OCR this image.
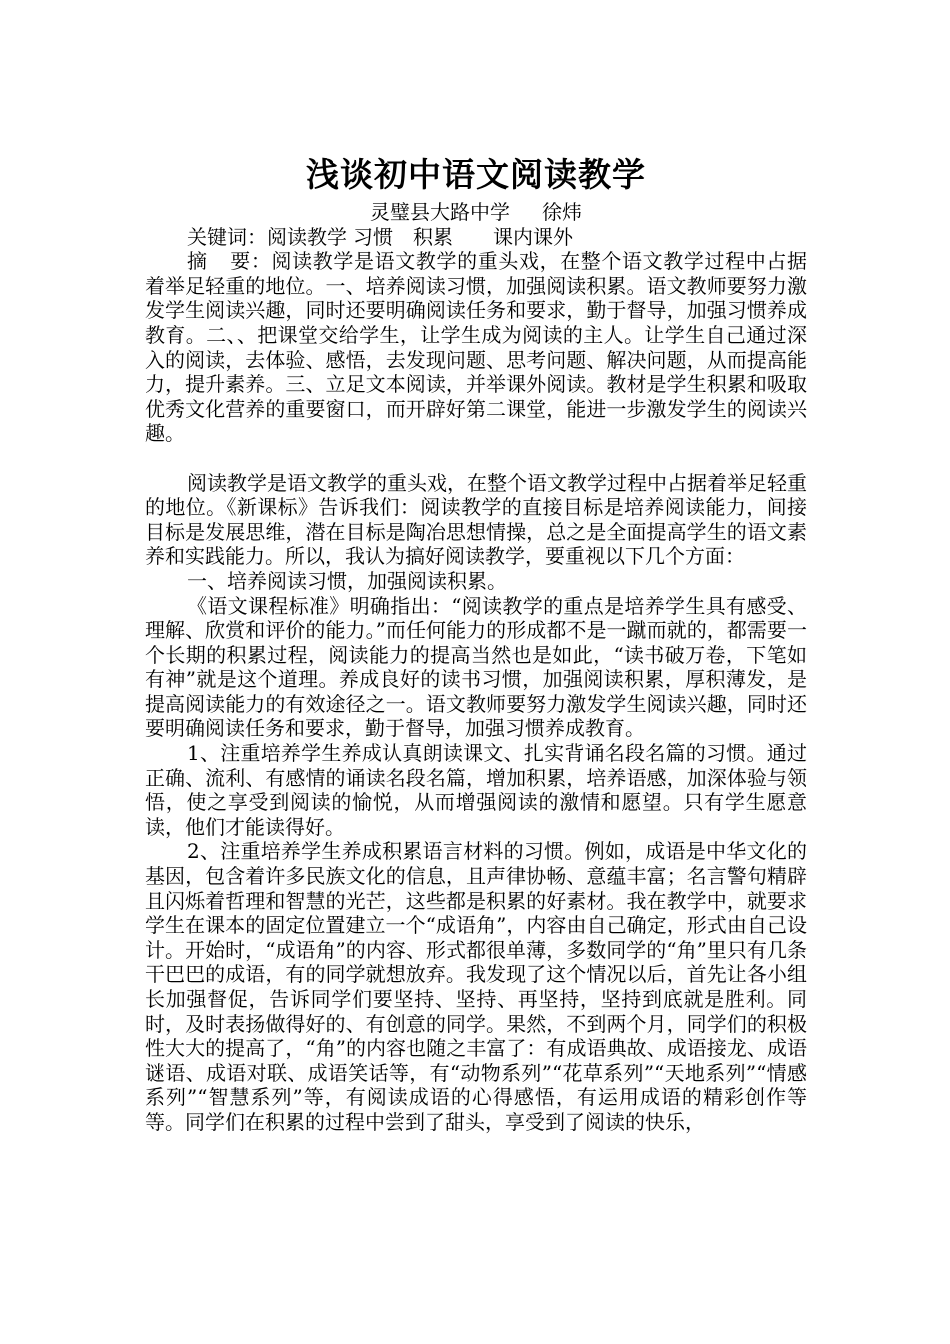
浅谈初中语文阅读教学

灵璧县大路中学 徐炜

关键词：阅读教学 习惯 积累 课内课外

摘 要：阅读教学是语文教学的重头戏，在整个语文教学过程中占据着举足轻重的地位。一、培养阅读习惯，加强阅读积累。语文教师要努力激发学生阅读兴趣，同时还要明确阅读任务和要求，勤于督导，加强习惯养成教育。二、、把课堂交给学生，让学生成为阅读的主人。让学生自己通过深入的阅读，去体验、感悟，去发现问题、思考问题、解决问题，从而提高能力，提升素养。三、立足文本阅读，并举课外阅读。教材是学生积累和吸取优秀文化营养的重要窗口，而开辟好第二课堂，能进一步激发学生的阅读兴趣。

阅读教学是语文教学的重头戏，在整个语文教学过程中占据着举足轻重的地位。《新课标》告诉我们：阅读教学的直接目标是培养阅读能力，间接目标是发展思维，潜在目标是陶冶思想情操，总之是全面提高学生的语文素养和实践能力。所以，我认为搞好阅读教学，要重视以下几个方面：

一、培养阅读习惯，加强阅读积累。

《语文课程标准》明确指出：“阅读教学的重点是培养学生具有感受、理解、欣赏和评价的能力。”而任何能力的形成都不是一蹴而就的，都需要一个长期的积累过程，阅读能力的提高当然也是如此，“读书破万卷，下笔如有神”就是这个道理。养成良好的读书习惯，加强阅读积累，厚积薄发，是提高阅读能力的有效途径之一。语文教师要努力激发学生阅读兴趣，同时还要明确阅读任务和要求，勤于督导，加强习惯养成教育。

1、注重培养学生养成认真朗读课文、扎实背诵名段名篇的习惯。通过正确、流利、有感情的诵读名段名篇，增加积累，培养语感，加深体验与领悟，使之享受到阅读的愉悦，从而增强阅读的激情和愿望。只有学生愿意读，他们才能读得好。

2、注重培养学生养成积累语言材料的习惯。例如，成语是中华文化的基因，包含着许多民族文化的信息，且声律协畅、意蕴丰富；名言警句精辟且闪烁着哲理和智慧的光芒，这些都是积累的好素材。我在教学中，就要求学生在课本的固定位置建立一个“成语角”，内容由自己确定，形式由自己设计。开始时，“成语角”的内容、形式都很单薄，多数同学的“角”里只有几条干巴巴的成语，有的同学就想放弃。我发现了这个情况以后，首先让各小组长加强督促，告诉同学们要坚持、坚持、再坚持，坚持到底就是胜利。同时，及时表扬做得好的、有创意的同学。果然，不到两个月，同学们的积极性大大的提高了，“角”的内容也随之丰富了：有成语典故、成语接龙、成语谜语、成语对联、成语笑话等，有“动物系列”“花草系列”“天地系列”“情感系列”“智慧系列”等，有阅读成语的心得感悟，有运用成语的精彩创作等等。同学们在积累的过程中尝到了甜头，享受到了阅读的快乐，
